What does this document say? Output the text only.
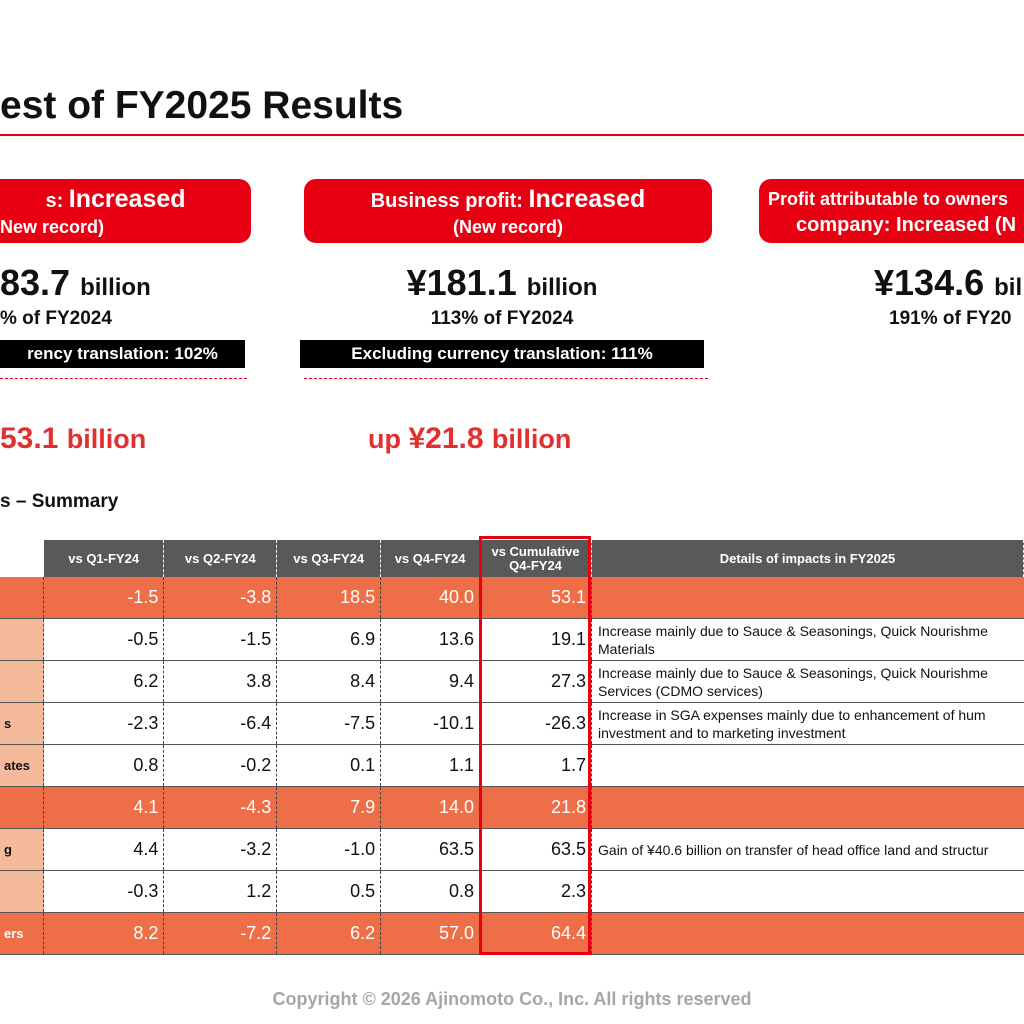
est of FY2025 Results
s: Increased
New record)
83.7 billion
% of FY2024
rency translation: 102%
53.1 billion
Business profit: Increased
(New record)
¥181.1 billion
113% of FY2024
Excluding currency translation: 111%
up ¥21.8 billion
Profit attributable to owners
company: Increased (N
¥134.6 bil
191% of FY20
s – Summary
	vs Q1-FY24	vs Q2-FY24	vs Q3-FY24	vs Q4-FY24	vs Cumulative Q4-FY24	Details of impacts in FY2025
	-1.5	-3.8	18.5	40.0	53.1	
	-0.5	-1.5	6.9	13.6	19.1	Increase mainly due to Sauce & Seasonings, Quick Nourishme
Materials
	6.2	3.8	8.4	9.4	27.3	Increase mainly due to Sauce & Seasonings, Quick Nourishme
Services (CDMO services)
s	-2.3	-6.4	-7.5	-10.1	-26.3	Increase in SGA expenses mainly due to enhancement of hum
investment and to marketing investment
ates	0.8	-0.2	0.1	1.1	1.7	
	4.1	-4.3	7.9	14.0	21.8	
g	4.4	-3.2	-1.0	63.5	63.5	Gain of ¥40.6 billion on transfer of head office land and structur
	-0.3	1.2	0.5	0.8	2.3	
ers	8.2	-7.2	6.2	57.0	64.4	
Copyright © 2026 Ajinomoto Co., Inc. All rights reserved
